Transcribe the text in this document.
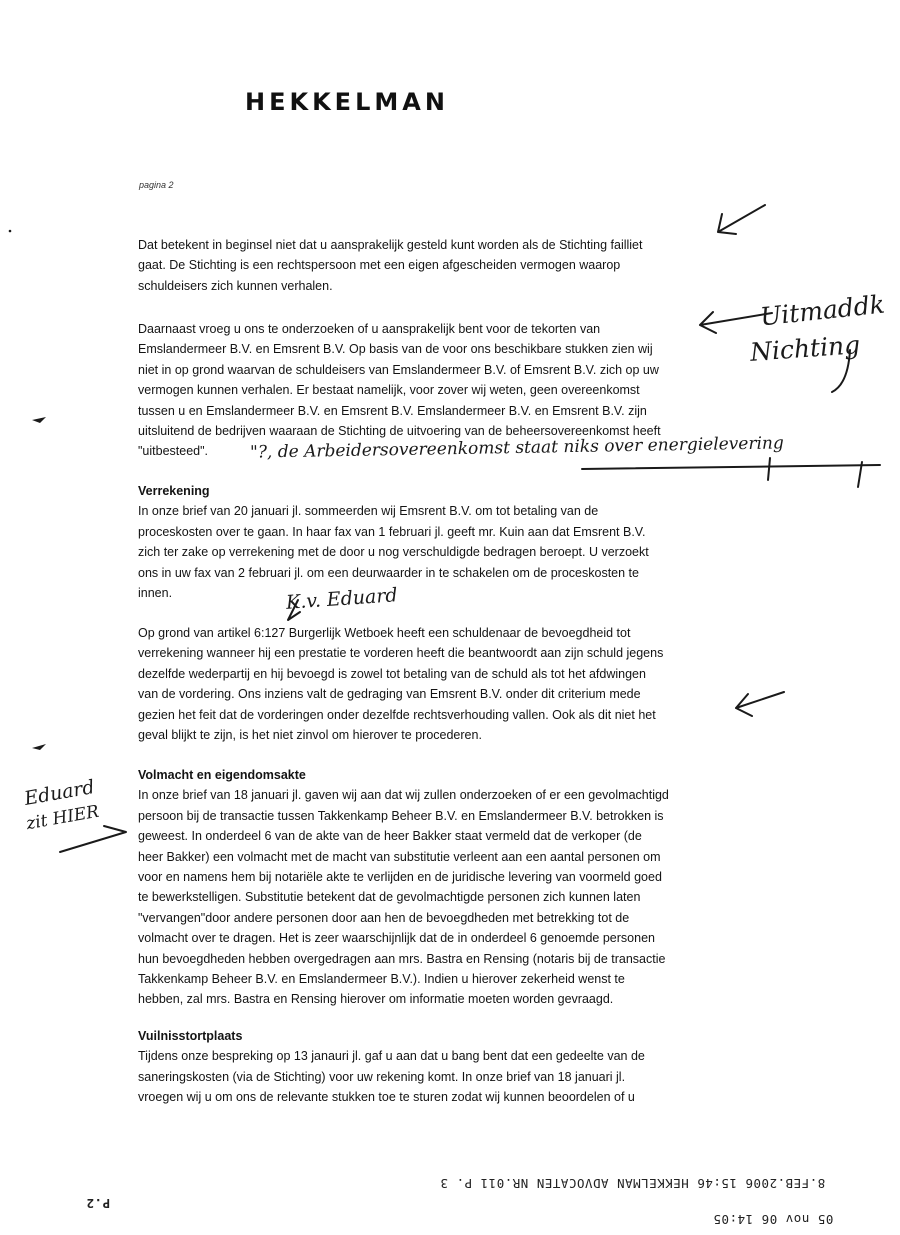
HEKKELMAN
pagina 2
Dat betekent in beginsel niet dat u aansprakelijk gesteld kunt worden als de Stichting failliet
gaat. De Stichting is een rechtspersoon met een eigen afgescheiden vermogen waarop
schuldeisers zich kunnen verhalen.
Daarnaast vroeg u ons te onderzoeken of u aansprakelijk bent voor de tekorten van
Emslandermeer B.V. en Emsrent B.V. Op basis van de voor ons beschikbare stukken zien wij
niet in op grond waarvan de schuldeisers van Emslandermeer B.V. of Emsrent B.V. zich op uw
vermogen kunnen verhalen. Er bestaat namelijk, voor zover wij weten, geen overeenkomst
tussen u en Emslandermeer B.V. en Emsrent B.V. Emslandermeer B.V. en Emsrent B.V. zijn
uitsluitend de bedrijven waaraan de Stichting de uitvoering van de beheersovereenkomst heeft
"uitbesteed".
Verrekening
In onze brief van 20 januari jl. sommeerden wij Emsrent B.V. om tot betaling van de
proceskosten over te gaan. In haar fax van 1 februari jl. geeft mr. Kuin aan dat Emsrent B.V.
zich ter zake op verrekening met de door u nog verschuldigde bedragen beroept. U verzoekt
ons in uw fax van 2 februari jl. om een deurwaarder in te schakelen om de proceskosten te
innen.
Op grond van artikel 6:127 Burgerlijk Wetboek heeft een schuldenaar de bevoegdheid tot
verrekening wanneer hij een prestatie te vorderen heeft die beantwoordt aan zijn schuld jegens
dezelfde wederpartij en hij bevoegd is zowel tot betaling van de schuld als tot het afdwingen
van de vordering. Ons inziens valt de gedraging van Emsrent B.V. onder dit criterium mede
gezien het feit dat de vorderingen onder dezelfde rechtsverhouding vallen. Ook als dit niet het
geval blijkt te zijn, is het niet zinvol om hierover te procederen.
Volmacht en eigendomsakte
In onze brief van 18 januari jl. gaven wij aan dat wij zullen onderzoeken of er een gevolmachtigd
persoon bij de transactie tussen Takkenkamp Beheer B.V. en Emslandermeer B.V. betrokken is
geweest. In onderdeel 6 van de akte van de heer Bakker staat vermeld dat de verkoper (de
heer Bakker) een volmacht met de macht van substitutie verleent aan een aantal personen om
voor en namens hem bij notariële akte te verlijden en de juridische levering van voormeld goed
te bewerkstelligen. Substitutie betekent dat de gevolmachtigde personen zich kunnen laten
"vervangen"door andere personen door aan hen de bevoegdheden met betrekking tot de
volmacht over te dragen. Het is zeer waarschijnlijk dat de in onderdeel 6 genoemde personen
hun bevoegdheden hebben overgedragen aan mrs. Bastra en Rensing (notaris bij de transactie
Takkenkamp Beheer B.V. en Emslandermeer B.V.). Indien u hierover zekerheid wenst te
hebben, zal mrs. Bastra en Rensing hierover om informatie moeten worden gevraagd.
Vuilnisstortplaats
Tijdens onze bespreking op 13 janauri jl. gaf u aan dat u bang bent dat een gedeelte van de
saneringskosten (via de Stichting) voor uw rekening komt. In onze brief van 18 januari jl.
vroegen wij u om ons de relevante stukken toe te sturen zodat wij kunnen beoordelen of u
Uitmaddk
Nichting
"?, de Arbeidersovereenkomst staat niks over energielevering
K.v. Eduard
Eduard
zit HIER
8.FEB.2006 15:46 HEKKELMAN ADVOCATEN NR.011 P. 3
P.2
05 nov 06 14:05
